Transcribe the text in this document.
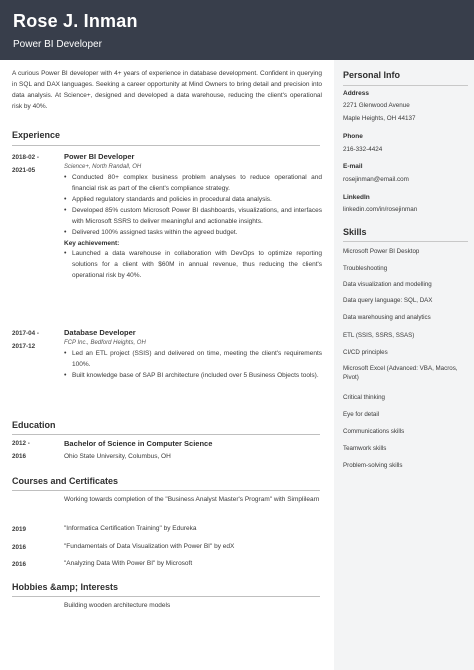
Rose J. Inman
Power BI Developer

A curious Power BI developer with 4+ years of experience in database development. Confident in querying in SQL and DAX languages. Seeking a career opportunity at Mind Owners to bring detail and precision into data analysis. At Science+, designed and developed a data warehouse, reducing the client's operational risk by 40%.

Experience
2018-02 -
2021-05
Power BI Developer
Science+, North Randall, OH
• Conducted 80+ complex business problem analyses to reduce operational and financial risk as part of the client's compliance strategy.
• Applied regulatory standards and policies in procedural data analysis.
• Developed 85% custom Microsoft Power BI dashboards, visualizations, and interfaces with Microsoft SSRS to deliver meaningful and actionable insights.
• Delivered 100% assigned tasks within the agreed budget.
Key achievement:
• Launched a data warehouse in collaboration with DevOps to optimize reporting solutions for a client with $60M in annual revenue, thus reducing the client's operational risk by 40%.
2017-04 -
2017-12
Database Developer
FCP Inc., Bedford Heights, OH
• Led an ETL project (SSIS) and delivered on time, meeting the client's requirements 100%.
• Built knowledge base of SAP BI architecture (included over 5 Business Objects tools).
Education
2012 -
2016
Bachelor of Science in Computer Science
Ohio State University, Columbus, OH
Courses and Certificates
Working towards completion of the "Business Analyst Master's Program" with Simplilearn
2019	"Informatica Certification Training" by Edureka
2016	"Fundamentals of Data Visualization with Power BI" by edX
2016	"Analyzing Data With Power BI" by Microsoft
Hobbies &amp; Interests
Building wooden architecture models
Personal Info
Address
2271 Glenwood Avenue
Maple Heights, OH 44137
Phone
216-332-4424
E-mail
rosejinman@email.com
LinkedIn
linkedin.com/in/rosejinman
Skills
Microsoft Power BI Desktop
Troubleshooting
Data visualization and modelling
Data query language: SQL, DAX
Data warehousing and analytics
ETL (SSIS, SSRS, SSAS)
CI/CD principles
Microsoft Excel (Advanced: VBA, Macros, Pivot)
Critical thinking
Eye for detail
Communications skills
Teamwork skills
Problem-solving skills
